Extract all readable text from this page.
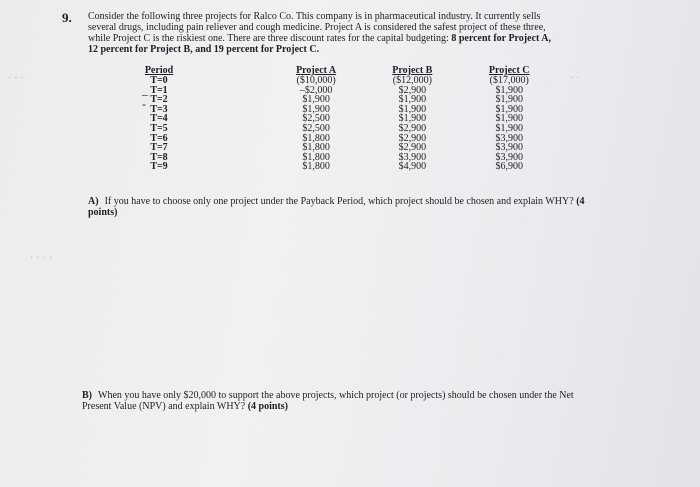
. . .	. .
. . . .
9. Consider the following three projects for Ralco Co. This company is in pharmaceutical industry. It currently sells several drugs, including pain reliever and cough medicine. Project A is considered the safest project of these three, while Project C is the riskiest one. There are three discount rates for the capital budgeting: 8 percent for Project A, 12 percent for Project B, and 19 percent for Project C.
–
-
Period		Project A	Project B	Project C
T=0		($10,000)	($12,000)	($17,000)
T=1		–$2,000	$2,900	$1,900
T=2		$1,900	$1,900	$1,900
T=3		$1,900	$1,900	$1,900
T=4		$2,500	$1,900	$1,900
T=5		$2,500	$2,900	$1,900
T=6		$1,800	$2,900	$3,900
T=7		$1,800	$2,900	$3,900
T=8		$1,800	$3,900	$3,900
T=9		$1,800	$4,900	$6,900
A) If you have to choose only one project under the Payback Period, which project should be chosen and explain WHY? (4 points)
B) When you have only $20,000 to support the above projects, which project (or projects) should be chosen under the Net Present Value (NPV) and explain WHY? (4 points)
